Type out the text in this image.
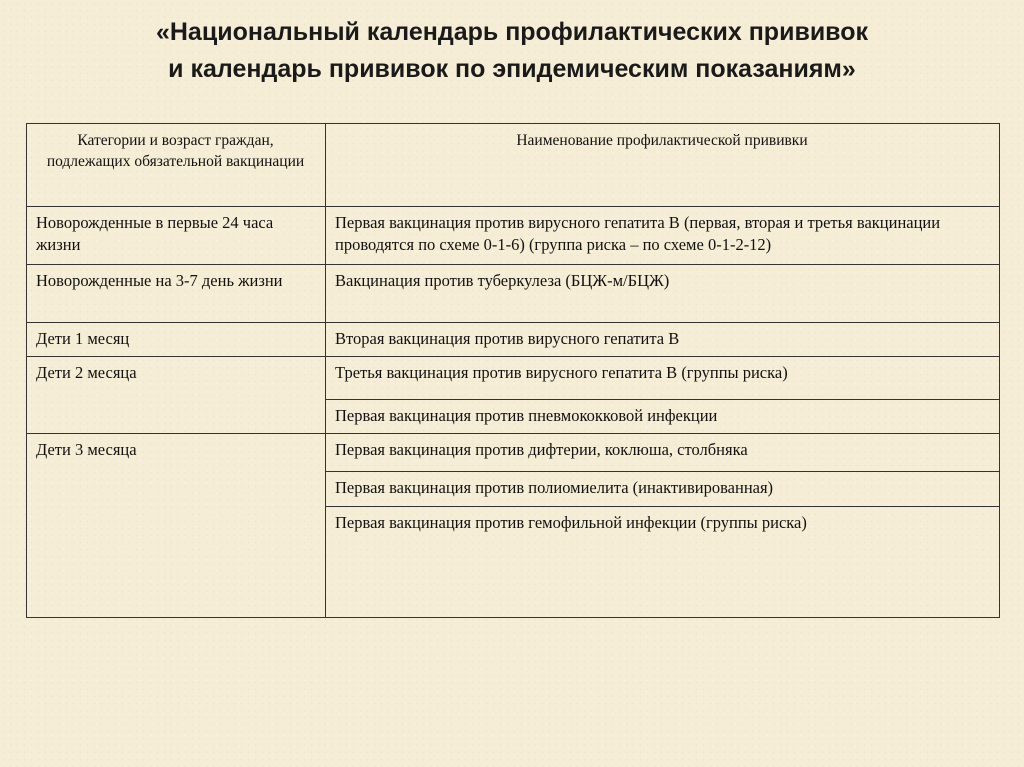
«Национальный календарь профилактических прививок
и календарь прививок по эпидемическим показаниям»
Категории и возраст граждан, подлежащих обязательной вакцинации	Наименование профилактической прививки
Новорожденные в первые 24 часа жизни	Первая вакцинация против вирусного гепатита В (первая, вторая и третья вакцинации проводятся по схеме 0-1-6) (группа риска – по схеме 0-1-2-12)
Новорожденные на 3-7 день жизни	Вакцинация против туберкулеза (БЦЖ-м/БЦЖ)
Дети 1 месяц	Вторая вакцинация против вирусного гепатита В
Дети 2 месяца	Третья вакцинация против вирусного гепатита В (группы риска)
	Первая вакцинация против пневмококковой инфекции
Дети 3 месяца	Первая вакцинация против дифтерии, коклюша, столбняка
	Первая вакцинация против полиомиелита (инактивированная)
	Первая вакцинация против гемофильной инфекции (группы риска)
